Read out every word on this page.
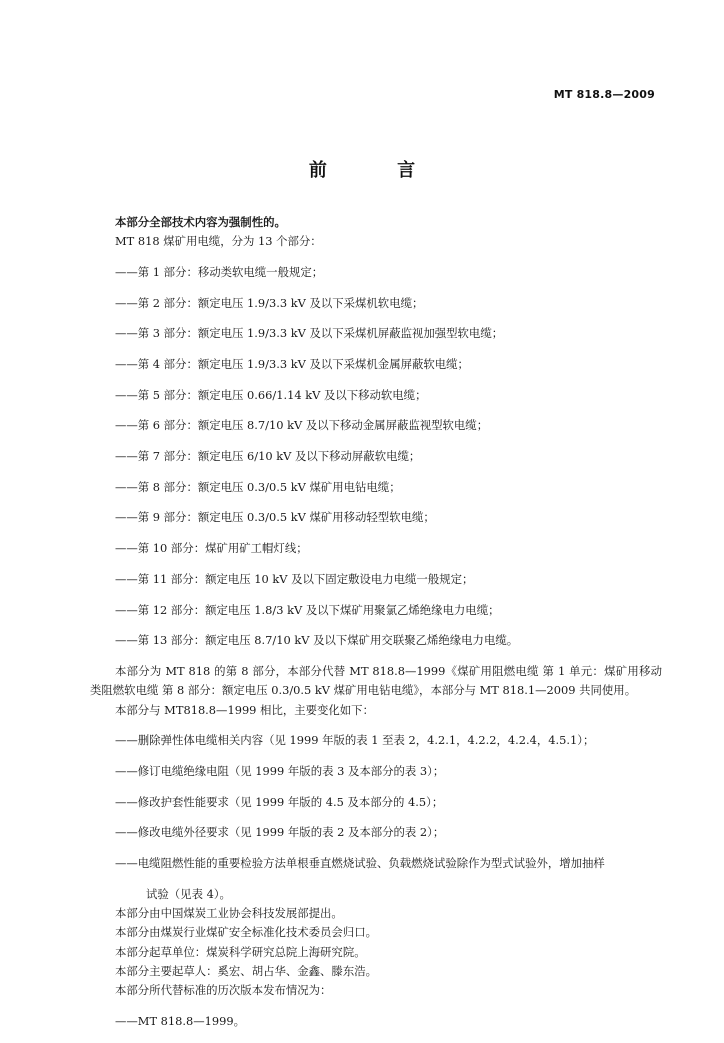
MT 818.8—2009
前 言

本部分全部技术内容为强制性的。

MT 818 煤矿用电缆，分为 13 个部分：

——第 1 部分：移动类软电缆一般规定；

——第 2 部分：额定电压 1.9/3.3 kV 及以下采煤机软电缆；

——第 3 部分：额定电压 1.9/3.3 kV 及以下采煤机屏蔽监视加强型软电缆；

——第 4 部分：额定电压 1.9/3.3 kV 及以下采煤机金属屏蔽软电缆；

——第 5 部分：额定电压 0.66/1.14 kV 及以下移动软电缆；

——第 6 部分：额定电压 8.7/10 kV 及以下移动金属屏蔽监视型软电缆；

——第 7 部分：额定电压 6/10 kV 及以下移动屏蔽软电缆；

——第 8 部分：额定电压 0.3/0.5 kV 煤矿用电钻电缆；

——第 9 部分：额定电压 0.3/0.5 kV 煤矿用移动轻型软电缆；

——第 10 部分：煤矿用矿工帽灯线；

——第 11 部分：额定电压 10 kV 及以下固定敷设电力电缆一般规定；

——第 12 部分：额定电压 1.8/3 kV 及以下煤矿用聚氯乙烯绝缘电力电缆；

——第 13 部分：额定电压 8.7/10 kV 及以下煤矿用交联聚乙烯绝缘电力电缆。

本部分为 MT 818 的第 8 部分，本部分代替 MT 818.8—1999《煤矿用阻燃电缆 第 1 单元：煤矿用移动类阻燃软电缆 第 8 部分：额定电压 0.3/0.5 kV 煤矿用电钻电缆》，本部分与 MT 818.1—2009 共同使用。

本部分与 MT818.8—1999 相比，主要变化如下：

——删除弹性体电缆相关内容（见 1999 年版的表 1 至表 2，4.2.1，4.2.2，4.2.4，4.5.1）；

——修订电缆绝缘电阻（见 1999 年版的表 3 及本部分的表 3）；

——修改护套性能要求（见 1999 年版的 4.5 及本部分的 4.5）；

——修改电缆外径要求（见 1999 年版的表 2 及本部分的表 2）；

——电缆阻燃性能的重要检验方法单根垂直燃烧试验、负载燃烧试验除作为型式试验外，增加抽样

试验（见表 4）。

本部分由中国煤炭工业协会科技发展部提出。

本部分由煤炭行业煤矿安全标准化技术委员会归口。

本部分起草单位：煤炭科学研究总院上海研究院。

本部分主要起草人：奚宏、胡占华、金鑫、滕东浩。

本部分所代替标准的历次版本发布情况为：

——MT 818.8—1999。
